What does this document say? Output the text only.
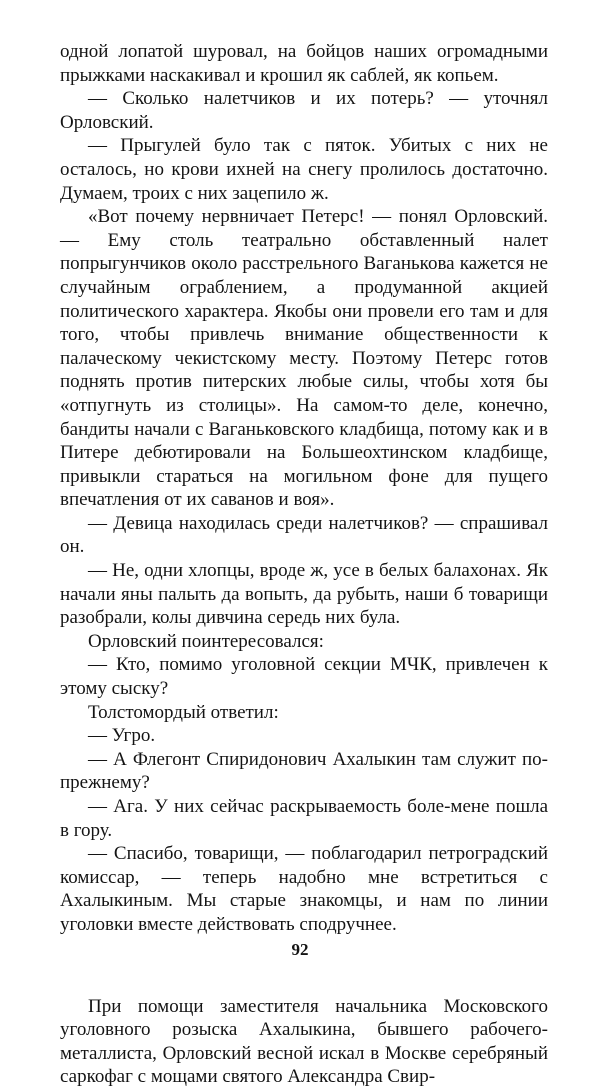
одной лопатой шуровал, на бойцов наших огромадными прыжками наскакивал и крошил як саблей, як копьем.

— Сколько налетчиков и их потерь? — уточнял Орловский.

— Прыгулей було так с пяток. Убитых с них не осталось, но крови ихней на снегу пролилось достаточно. Думаем, троих с них зацепило ж.

«Вот почему нервничает Петерс! — понял Орловский. — Ему столь театрально обставленный налет попрыгунчиков около расстрельного Ваганькова кажется не случайным ограблением, а продуманной акцией политического характера. Якобы они провели его там и для того, чтобы привлечь внимание общественности к палаческому чекистскому месту. Поэтому Петерс готов поднять против питерских любые силы, чтобы хотя бы «отпугнуть из столицы». На самом-то деле, конечно, бандиты начали с Ваганьковского кладбища, потому как и в Питере дебютировали на Большеохтинском кладбище, привыкли стараться на могильном фоне для пущего впечатления от их саванов и воя».

— Девица находилась среди налетчиков? — спрашивал он.

— Не, одни хлопцы, вроде ж, усе в белых балахонах. Як начали яны палыть да вопыть, да рубыть, наши б товарищи разобрали, колы дивчина середь них була.

Орловский поинтересовался:

— Кто, помимо уголовной секции МЧК, привлечен к этому сыску?

Толстомордый ответил:

— Угро.

— А Флегонт Спиридонович Ахалыкин там служит по-прежнему?

— Ага. У них сейчас раскрываемость боле-мене пошла в гору.

— Спасибо, товарищи, — поблагодарил петроградский комиссар, — теперь надобно мне встретиться с Ахалыкиным. Мы старые знакомцы, и нам по линии уголовки вместе действовать сподручнее.

При помощи заместителя начальника Московского уголовного розыска Ахалыкина, бывшего рабочего-металлиста, Орловский весной искал в Москве серебряный саркофаг с мощами святого Александра Свир-

92
